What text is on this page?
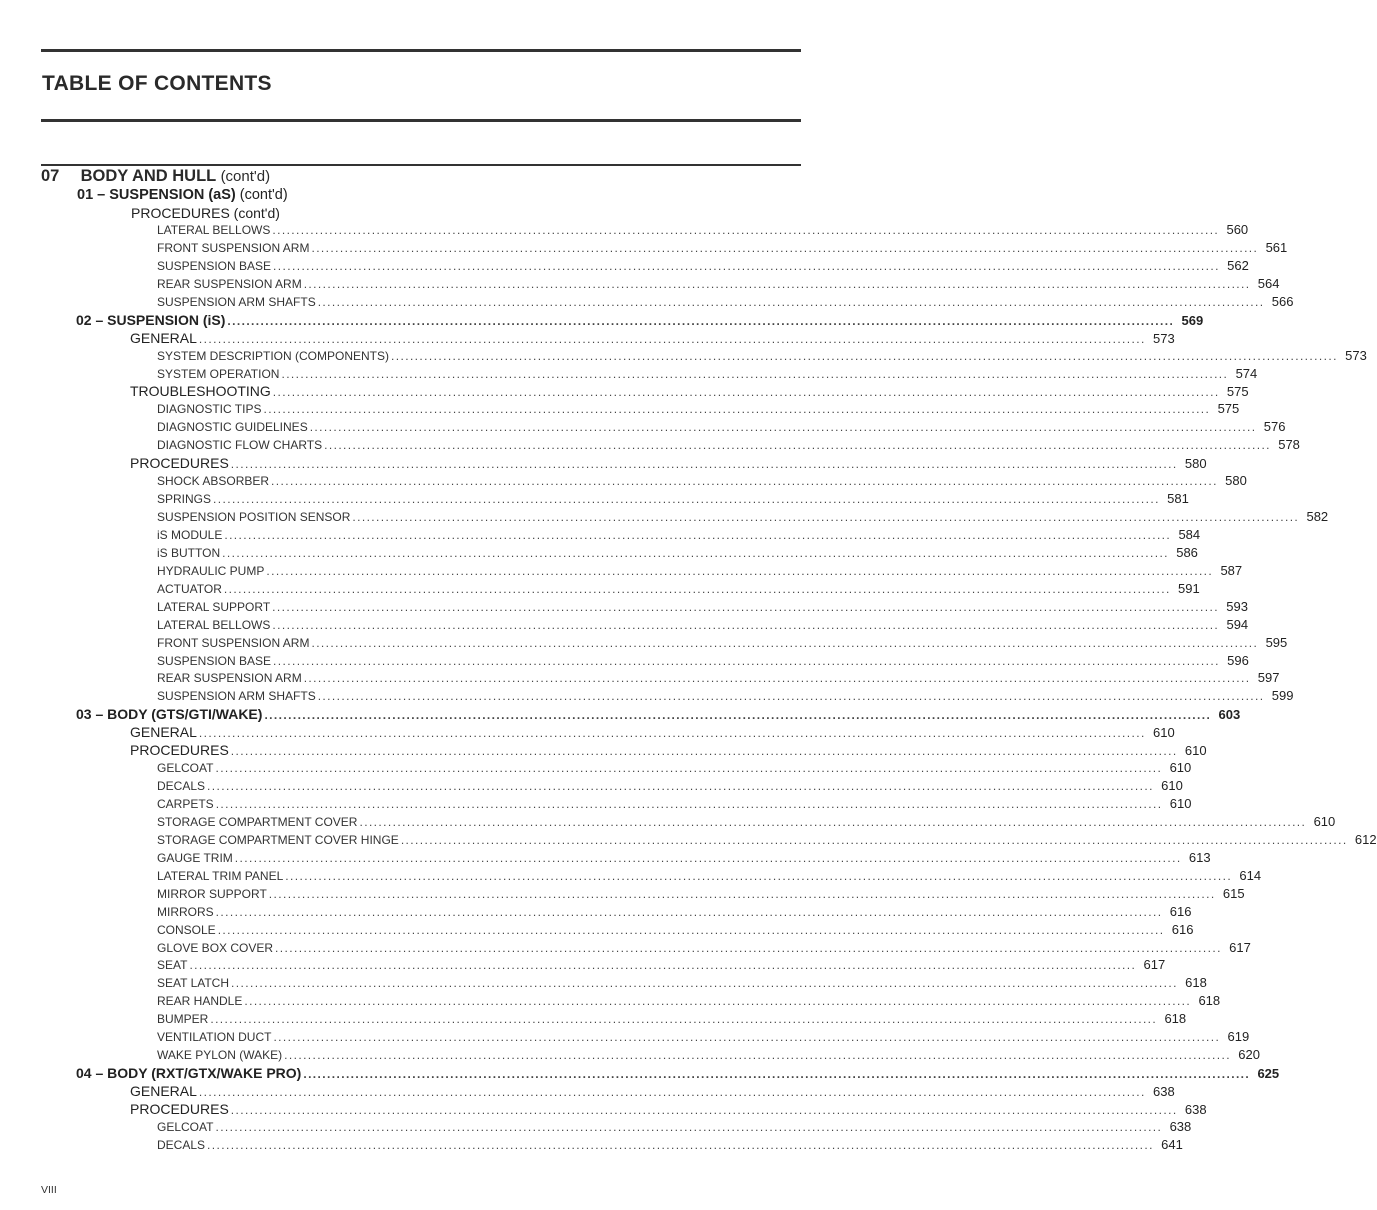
TABLE OF CONTENTS
07 BODY AND HULL (cont'd)
01 – SUSPENSION (aS) (cont'd)
PROCEDURES (cont'd)
LATERAL BELLOWS ........................................................................................................................................................................................................ 560
FRONT SUSPENSION ARM ........................................................................................................................................................................................................ 561
SUSPENSION BASE ........................................................................................................................................................................................................ 562
REAR SUSPENSION ARM ........................................................................................................................................................................................................ 564
SUSPENSION ARM SHAFTS ........................................................................................................................................................................................................ 566
02 – SUSPENSION (iS) ........................................................................................................................................................................................................ 569
GENERAL ........................................................................................................................................................................................................ 573
SYSTEM DESCRIPTION (COMPONENTS) ........................................................................................................................................................................................................ 573
SYSTEM OPERATION ........................................................................................................................................................................................................ 574
TROUBLESHOOTING ........................................................................................................................................................................................................ 575
DIAGNOSTIC TIPS ........................................................................................................................................................................................................ 575
DIAGNOSTIC GUIDELINES ........................................................................................................................................................................................................ 576
DIAGNOSTIC FLOW CHARTS ........................................................................................................................................................................................................ 578
PROCEDURES ........................................................................................................................................................................................................ 580
SHOCK ABSORBER ........................................................................................................................................................................................................ 580
SPRINGS ........................................................................................................................................................................................................ 581
SUSPENSION POSITION SENSOR ........................................................................................................................................................................................................ 582
iS MODULE ........................................................................................................................................................................................................ 584
iS BUTTON ........................................................................................................................................................................................................ 586
HYDRAULIC PUMP ........................................................................................................................................................................................................ 587
ACTUATOR ........................................................................................................................................................................................................ 591
LATERAL SUPPORT ........................................................................................................................................................................................................ 593
LATERAL BELLOWS ........................................................................................................................................................................................................ 594
FRONT SUSPENSION ARM ........................................................................................................................................................................................................ 595
SUSPENSION BASE ........................................................................................................................................................................................................ 596
REAR SUSPENSION ARM ........................................................................................................................................................................................................ 597
SUSPENSION ARM SHAFTS ........................................................................................................................................................................................................ 599
03 – BODY (GTS/GTI/WAKE) ........................................................................................................................................................................................................ 603
GENERAL ........................................................................................................................................................................................................ 610
PROCEDURES ........................................................................................................................................................................................................ 610
GELCOAT ........................................................................................................................................................................................................ 610
DECALS ........................................................................................................................................................................................................ 610
CARPETS ........................................................................................................................................................................................................ 610
STORAGE COMPARTMENT COVER ........................................................................................................................................................................................................ 610
STORAGE COMPARTMENT COVER HINGE ........................................................................................................................................................................................................ 612
GAUGE TRIM ........................................................................................................................................................................................................ 613
LATERAL TRIM PANEL ........................................................................................................................................................................................................ 614
MIRROR SUPPORT ........................................................................................................................................................................................................ 615
MIRRORS ........................................................................................................................................................................................................ 616
CONSOLE ........................................................................................................................................................................................................ 616
GLOVE BOX COVER ........................................................................................................................................................................................................ 617
SEAT ........................................................................................................................................................................................................ 617
SEAT LATCH ........................................................................................................................................................................................................ 618
REAR HANDLE ........................................................................................................................................................................................................ 618
BUMPER ........................................................................................................................................................................................................ 618
VENTILATION DUCT ........................................................................................................................................................................................................ 619
WAKE PYLON (WAKE) ........................................................................................................................................................................................................ 620
04 – BODY (RXT/GTX/WAKE PRO) ........................................................................................................................................................................................................ 625
GENERAL ........................................................................................................................................................................................................ 638
PROCEDURES ........................................................................................................................................................................................................ 638
GELCOAT ........................................................................................................................................................................................................ 638
DECALS ........................................................................................................................................................................................................ 641
VIII
